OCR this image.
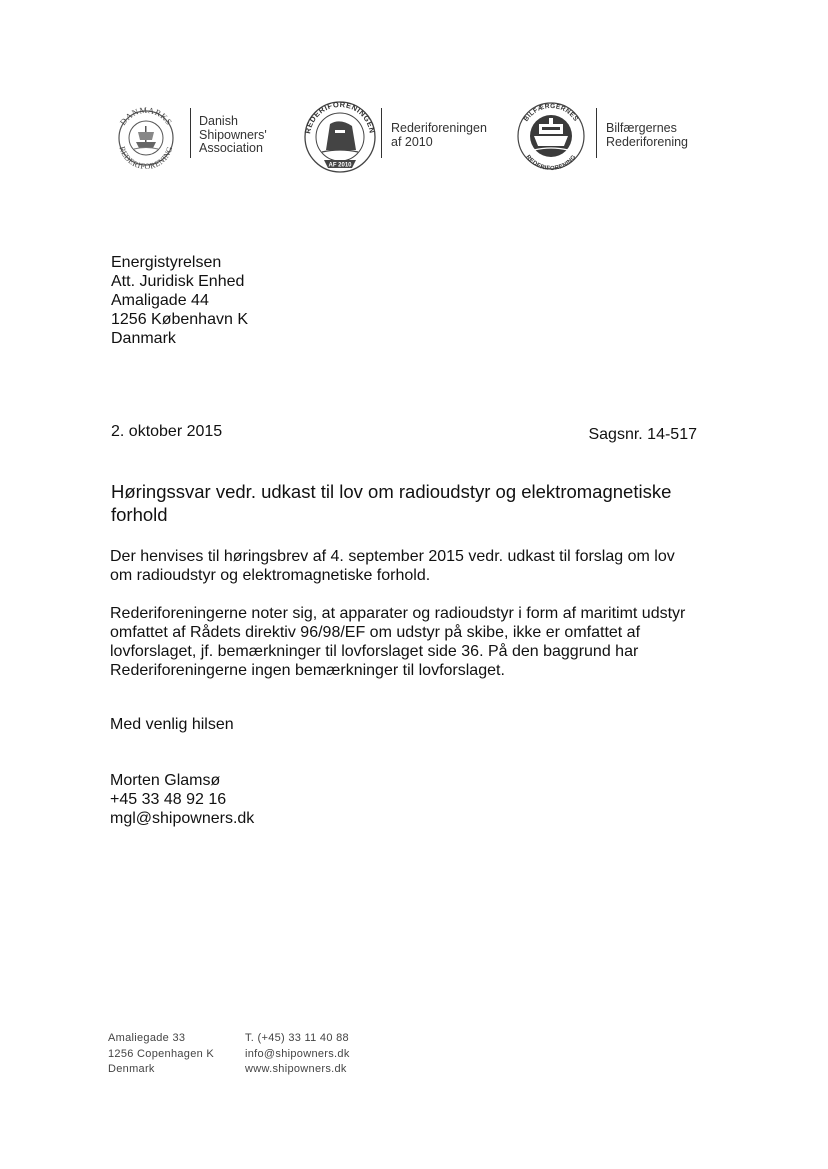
DANMARKS
REDERIFORENING
Danish
Shipowners'
Association
REDERIFORENINGEN
AF 2010
Rederiforeningen
af 2010
BILFÆRGERNES
REDERIFORENING
Bilfærgernes
Rederiforening
Energistyrelsen
Att. Juridisk Enhed
Amaligade 44
1256 København K
Danmark
2. oktober 2015	Sagsnr. 14-517
Høringssvar vedr. udkast til lov om radioudstyr og elektromagnetiske
forhold
Der henvises til høringsbrev af 4. september 2015 vedr. udkast til forslag om lov
om radioudstyr og elektromagnetiske forhold.
Rederiforeningerne noter sig, at apparater og radioudstyr i form af maritimt udstyr
omfattet af Rådets direktiv 96/98/EF om udstyr på skibe, ikke er omfattet af
lovforslaget, jf. bemærkninger til lovforslaget side 36. På den baggrund har
Rederiforeningerne ingen bemærkninger til lovforslaget.
Med venlig hilsen
Morten Glamsø
+45 33 48 92 16
mgl@shipowners.dk
Amaliegade 33
1256 Copenhagen K
Denmark
T. (+45) 33 11 40 88
info@shipowners.dk
www.shipowners.dk
